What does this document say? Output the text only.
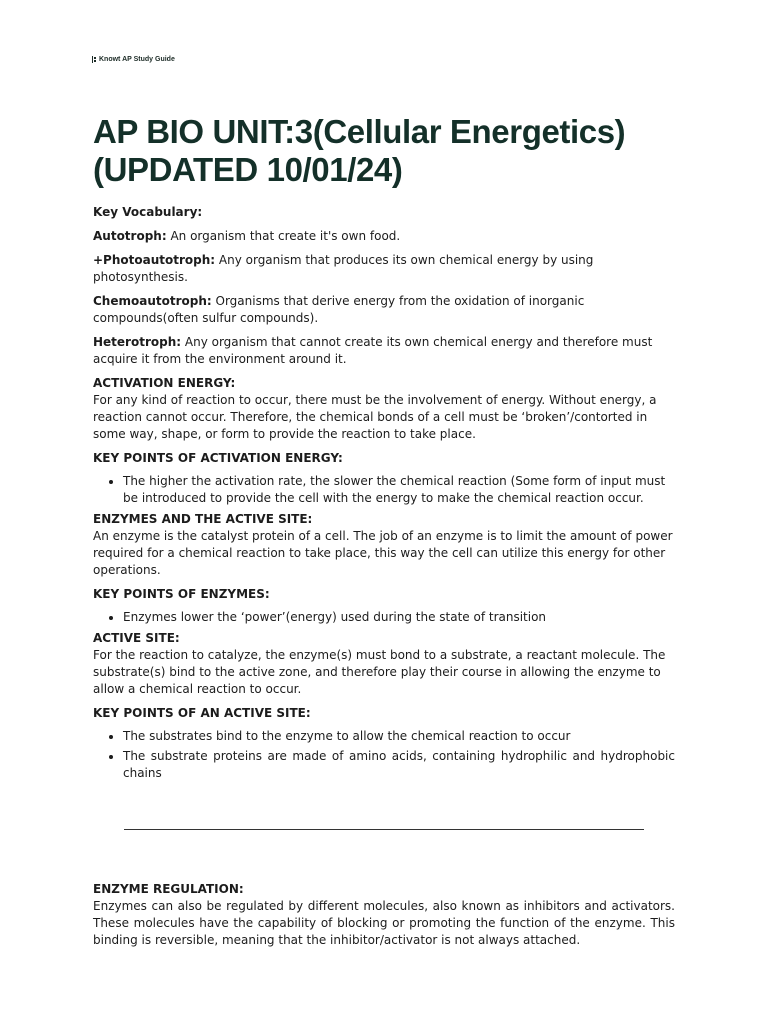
Knowt AP Study Guide
AP BIO UNIT:3(Cellular Energetics) (UPDATED 10/01/24)

Key Vocabulary:

Autotroph: An organism that create it's own food.

+Photoautotroph: Any organism that produces its own chemical energy by using photosynthesis.

Chemoautotroph: Organisms that derive energy from the oxidation of inorganic compounds(often sulfur compounds).

Heterotroph: Any organism that cannot create its own chemical energy and therefore must acquire it from the environment around it.

ACTIVATION ENERGY:
For any kind of reaction to occur, there must be the involvement of energy. Without energy, a reaction cannot occur. Therefore, the chemical bonds of a cell must be ‘broken’/contorted in some way, shape, or form to provide the reaction to take place.

KEY POINTS OF ACTIVATION ENERGY:

• The higher the activation rate, the slower the chemical reaction (Some form of input must be introduced to provide the cell with the energy to make the chemical reaction occur.

ENZYMES AND THE ACTIVE SITE:
An enzyme is the catalyst protein of a cell. The job of an enzyme is to limit the amount of power required for a chemical reaction to take place, this way the cell can utilize this energy for other operations.

KEY POINTS OF ENZYMES:

• Enzymes lower the ‘power’(energy) used during the state of transition

ACTIVE SITE:
For the reaction to catalyze, the enzyme(s) must bond to a substrate, a reactant molecule. The substrate(s) bind to the active zone, and therefore play their course in allowing the enzyme to allow a chemical reaction to occur.

KEY POINTS OF AN ACTIVE SITE:

• The substrates bind to the enzyme to allow the chemical reaction to occur
• The substrate proteins are made of amino acids, containing hydrophilic and hydrophobic chains

ENZYME REGULATION:
Enzymes can also be regulated by different molecules, also known as inhibitors and activators. These molecules have the capability of blocking or promoting the function of the enzyme. This binding is reversible, meaning that the inhibitor/activator is not always attached.
